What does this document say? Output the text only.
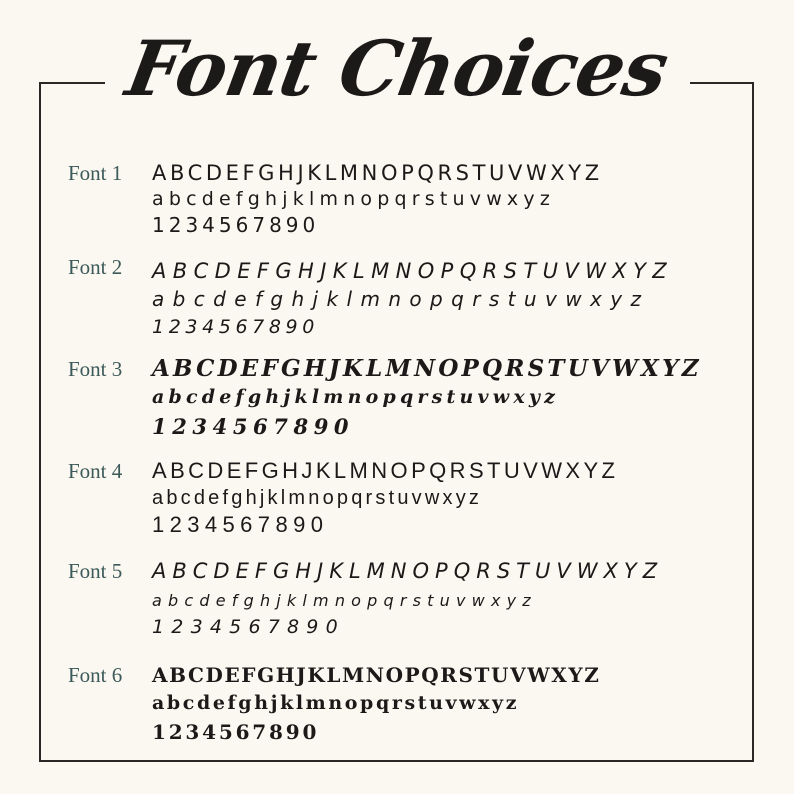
Font Choices
Font 1 ABCDEFGHJKLMNOPQRSTUVWXYZ
abcdefghjklmnopqrstuvwxyz
1234567890
Font 2 ABCDEFGHJKLMNOPQRSTUVWXYZ
abcdefghjklmnopqrstuvwxyz
1234567890
Font 3 ABCDEFGHJKLMNOPQRSTUVWXYZ
abcdefghjklmnopqrstuvwxyz
1234567890
Font 4 ABCDEFGHJKLMNOPQRSTUVWXYZ
abcdefghjklmnopqrstuvwxyz
1234567890
Font 5 ABCDEFGHJKLMNOPQRSTUVWXYZ
abcdefghjklmnopqrstuvwxyz
1234567890
Font 6 ABCDEFGHJKLMNOPQRSTUVWXYZ
abcdefghjklmnopqrstuvwxyz
1234567890
